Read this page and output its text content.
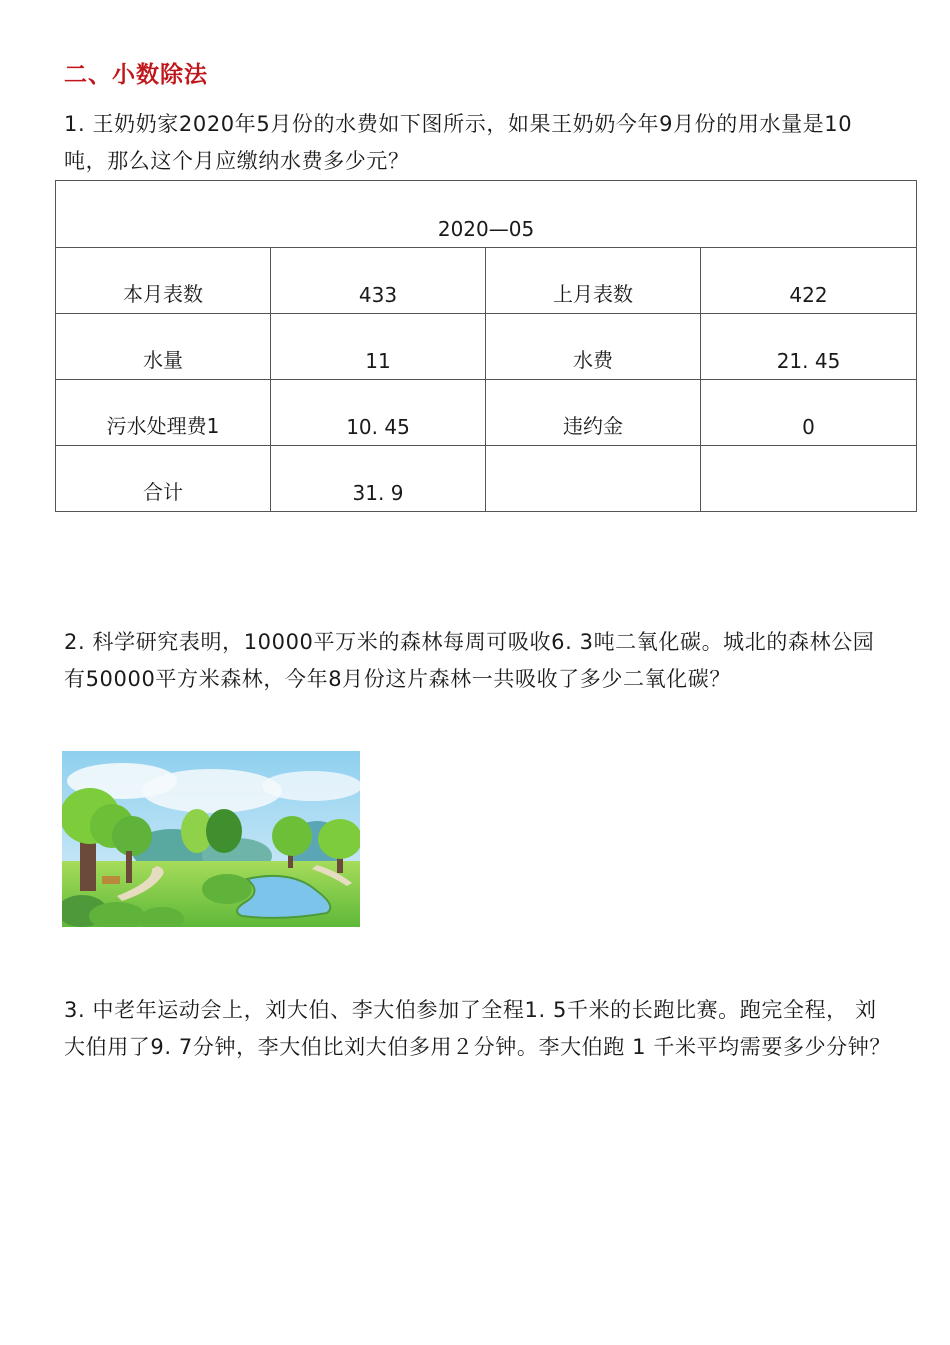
二、小数除法
1. 王奶奶家2020年5月份的水费如下图所示，如果王奶奶今年9月份的用水量是10吨，那么这个月应缴纳水费多少元？
2020—05			
本月表数	433	上月表数	422
水量	11	水费	21. 45
污水处理费1	10. 45	违约金	0
合计	31. 9		
2. 科学研究表明，10000平万米的森林每周可吸收6. 3吨二氧化碳。城北的森林公园有50000平方米森林，今年8月份这片森林一共吸收了多少二氧化碳？
3. 中老年运动会上，刘大伯、李大伯参加了全程1. 5千米的长跑比赛。跑完全程， 刘大伯用了9. 7分钟，李大伯比刘大伯多用２分钟。李大伯跑 1 千米平均需要多少分钟？
